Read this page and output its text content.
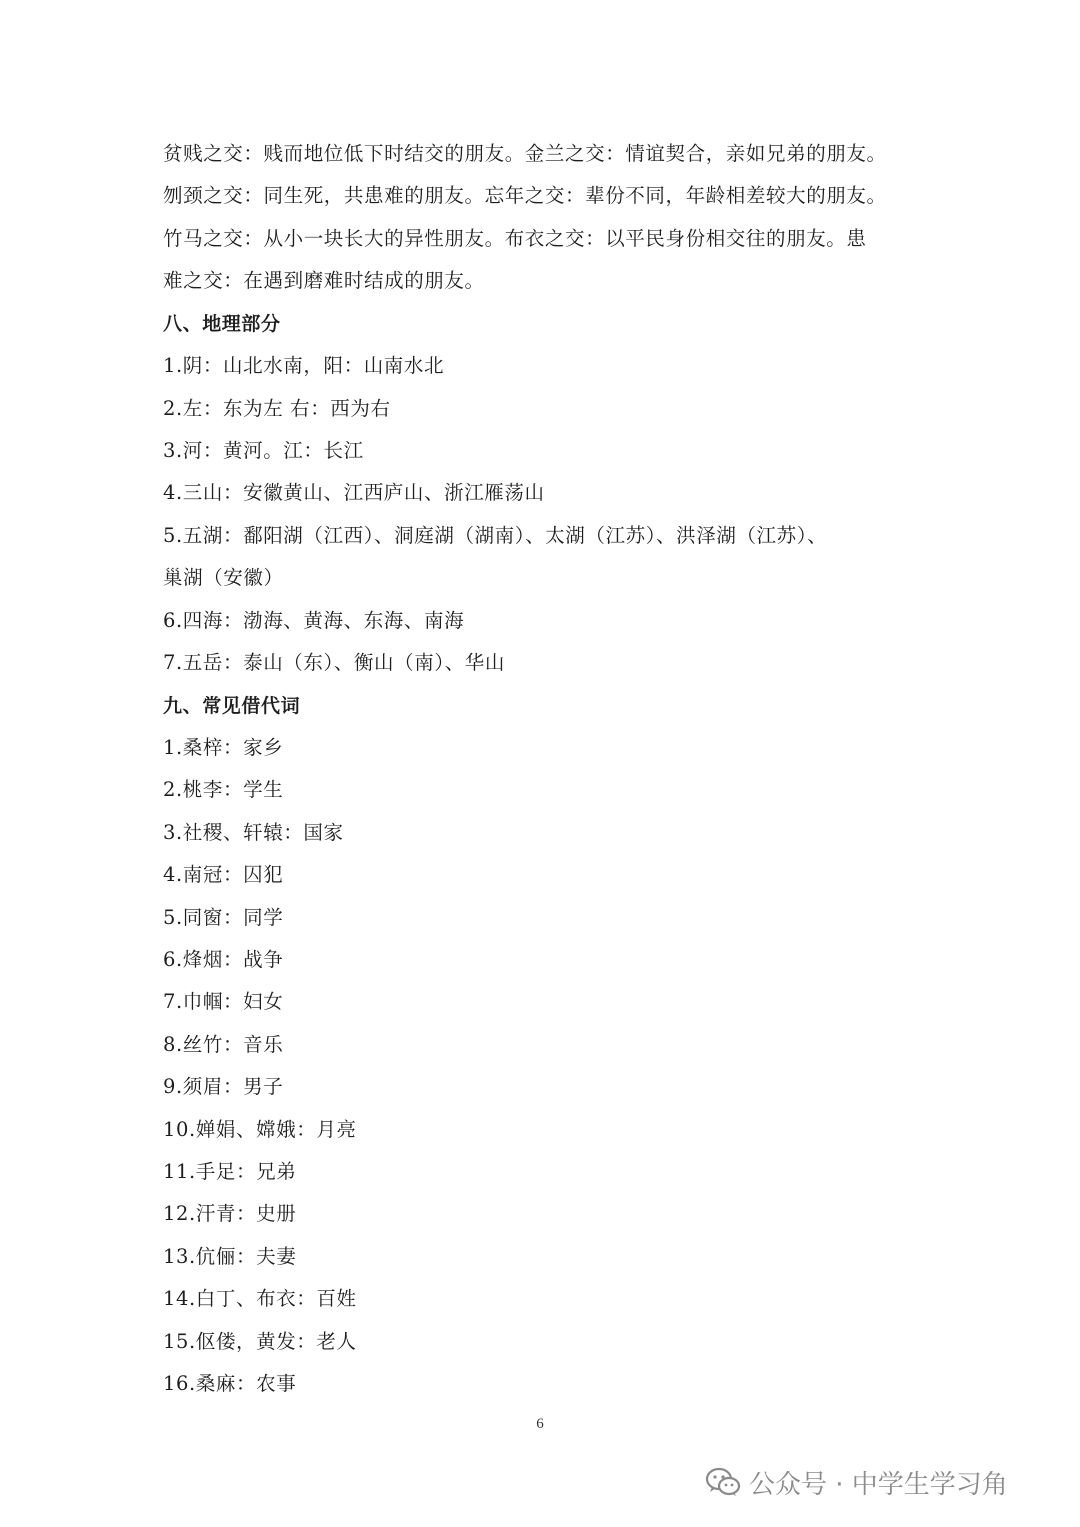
贫贱之交：贱而地位低下时结交的朋友。金兰之交：情谊契合，亲如兄弟的朋友。
刎颈之交：同生死，共患难的朋友。忘年之交：辈份不同，年龄相差较大的朋友。
竹马之交：从小一块长大的异性朋友。布衣之交：以平民身份相交往的朋友。患
难之交：在遇到磨难时结成的朋友。
八、地理部分
1.阴：山北水南，阳：山南水北
2.左：东为左 右：西为右
3.河：黄河。江：长江
4.三山：安徽黄山、江西庐山、浙江雁荡山
5.五湖：鄱阳湖（江西）、洞庭湖（湖南）、太湖（江苏）、洪泽湖（江苏）、
巢湖（安徽）
6.四海：渤海、黄海、东海、南海
7.五岳：泰山（东）、衡山（南）、华山
九、常见借代词
1.桑梓：家乡
2.桃李：学生
3.社稷、轩辕：国家
4.南冠：囚犯
5.同窗：同学
6.烽烟：战争
7.巾帼：妇女
8.丝竹：音乐
9.须眉：男子
10.婵娟、嫦娥：月亮
11.手足：兄弟
12.汗青：史册
13.伉俪：夫妻
14.白丁、布衣：百姓
15.伛偻，黄发：老人
16.桑麻：农事
6
公众号 · 中学生学习角
